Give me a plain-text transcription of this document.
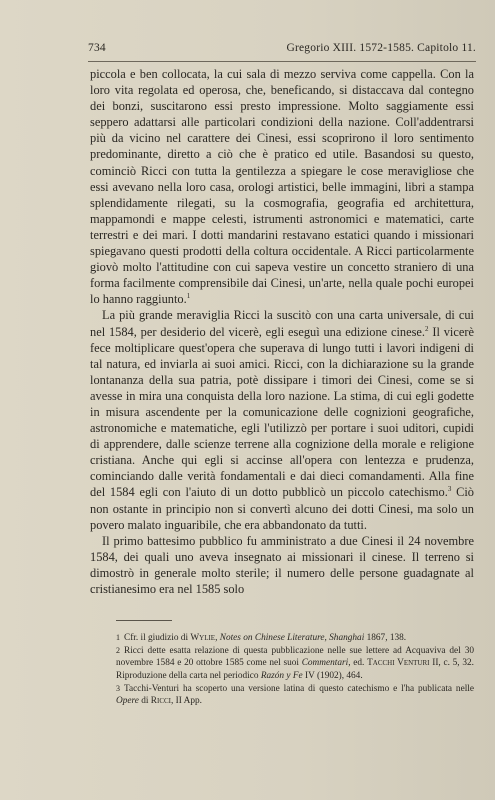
734	Gregorio XIII. 1572-1585. Capitolo 11.

piccola e ben collocata, la cui sala di mezzo serviva come cappella. Con la loro vita regolata ed operosa, che, beneficando, si distaccava dal contegno dei bonzi, suscitarono essi presto impressione. Molto saggiamente essi seppero adattarsi alle particolari condizioni della nazione. Coll'addentrarsi più da vicino nel carattere dei Cinesi, essi scoprirono il loro sentimento predominante, diretto a ciò che è pratico ed utile. Basandosi su questo, cominciò Ricci con tutta la gentilezza a spiegare le cose meravigliose che essi avevano nella loro casa, orologi artistici, belle immagini, libri a stampa splendidamente rilegati, su la cosmografia, geografia ed architettura, mappamondi e mappe celesti, istrumenti astronomici e matematici, carte terrestri e dei mari. I dotti mandarini restavano estatici quando i missionari spiegavano questi prodotti della coltura occidentale. A Ricci particolarmente giovò molto l'attitudine con cui sapeva vestire un concetto straniero di una forma facilmente comprensibile dai Cinesi, un'arte, nella quale pochi europei lo hanno raggiunto.$^1$

La più grande meraviglia Ricci la suscitò con una carta universale, di cui nel 1584, per desiderio del vicerè, egli eseguì una edizione cinese.$^2$ Il vicerè fece moltiplicare quest'opera che superava di lungo tutti i lavori indigeni di tal natura, ed inviarla ai suoi amici. Ricci, con la dichiarazione su la grande lontananza della sua patria, potè dissipare i timori dei Cinesi, come se si avesse in mira una conquista della loro nazione. La stima, di cui egli godette in misura ascendente per la comunicazione delle cognizioni geografiche, astronomiche e matematiche, egli l'utilizzò per portare i suoi uditori, cupidi di apprendere, dalle scienze terrene alla cognizione della morale e religione cristiana. Anche qui egli si accinse all'opera con lentezza e prudenza, cominciando dalle verità fondamentali e dai dieci comandamenti. Alla fine del 1584 egli con l'aiuto di un dotto pubblicò un piccolo catechismo.$^3$ Ciò non ostante in principio non si convertì alcuno dei dotti Cinesi, ma solo un povero malato inguaribile, che era abbandonato da tutti.

Il primo battesimo pubblico fu amministrato a due Cinesi il 24 novembre 1584, dei quali uno aveva insegnato ai missionari il cinese. Il terreno si dimostrò in generale molto sterile; il numero delle persone guadagnate al cristianesimo era nel 1585 solo

1 Cfr. il giudizio di Wylie, Notes on Chinese Literature, Shanghai 1867, 138.

2 Ricci dette esatta relazione di questa pubblicazione nelle sue lettere ad Acquaviva del 30 novembre 1584 e 20 ottobre 1585 come nel suoi Commentari, ed. Tacchi Venturi II, c. 5, 32. Riproduzione della carta nel periodico Razón y Fe IV (1902), 464.

3 Tacchi-Venturi ha scoperto una versione latina di questo catechismo e l'ha publicata nelle Opere di Ricci, II App.
